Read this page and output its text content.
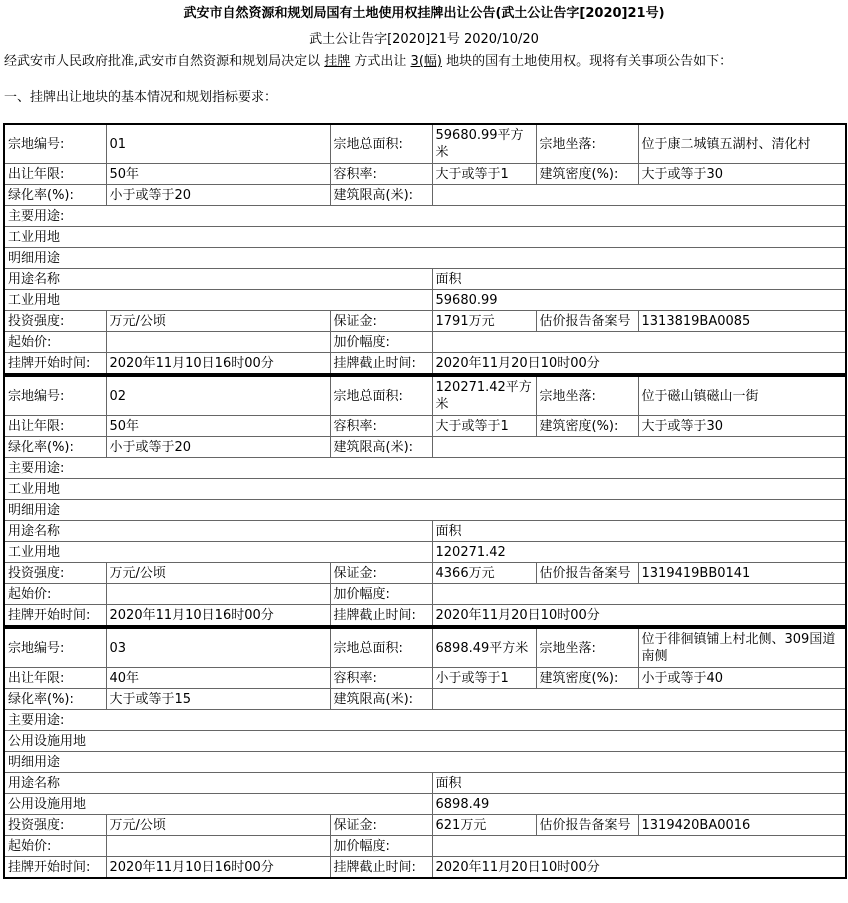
武安市自然资源和规划局国有土地使用权挂牌出让公告(武土公让告字[2020]21号)
武土公让告字[2020]21号 2020/10/20
经武安市人民政府批准,武安市自然资源和规划局决定以 挂牌 方式出让 3(幅) 地块的国有土地使用权。现将有关事项公告如下：
一、挂牌出让地块的基本情况和规划指标要求：
宗地编号:	01	宗地总面积:	59680.99平方米	宗地坐落:	位于康二城镇五湖村、清化村
出让年限:	50年	容积率:	大于或等于1	建筑密度(%):	大于或等于30
绿化率(%):	小于或等于20	建筑限高(米):			
主要用途:					
工业用地					
明细用途					
用途名称			面积		
工业用地			59680.99		
投资强度:	万元/公顷	保证金:	1791万元	估价报告备案号	1313819BA0085
起始价:		加价幅度:			
挂牌开始时间:	2020年11月10日16时00分	挂牌截止时间:	2020年11月20日10时00分		
宗地编号:	02	宗地总面积:	120271.42平方米	宗地坐落:	位于磁山镇磁山一街
出让年限:	50年	容积率:	大于或等于1	建筑密度(%):	大于或等于30
绿化率(%):	小于或等于20	建筑限高(米):			
主要用途:					
工业用地					
明细用途					
用途名称			面积		
工业用地			120271.42		
投资强度:	万元/公顷	保证金:	4366万元	估价报告备案号	1319419BB0141
起始价:		加价幅度:			
挂牌开始时间:	2020年11月10日16时00分	挂牌截止时间:	2020年11月20日10时00分		
宗地编号:	03	宗地总面积:	6898.49平方米	宗地坐落:	位于徘徊镇铺上村北侧、309国道南侧
出让年限:	40年	容积率:	小于或等于1	建筑密度(%):	小于或等于40
绿化率(%):	大于或等于15	建筑限高(米):			
主要用途:					
公用设施用地					
明细用途					
用途名称			面积		
公用设施用地			6898.49		
投资强度:	万元/公顷	保证金:	621万元	估价报告备案号	1319420BA0016
起始价:		加价幅度:			
挂牌开始时间:	2020年11月10日16时00分	挂牌截止时间:	2020年11月20日10时00分		
